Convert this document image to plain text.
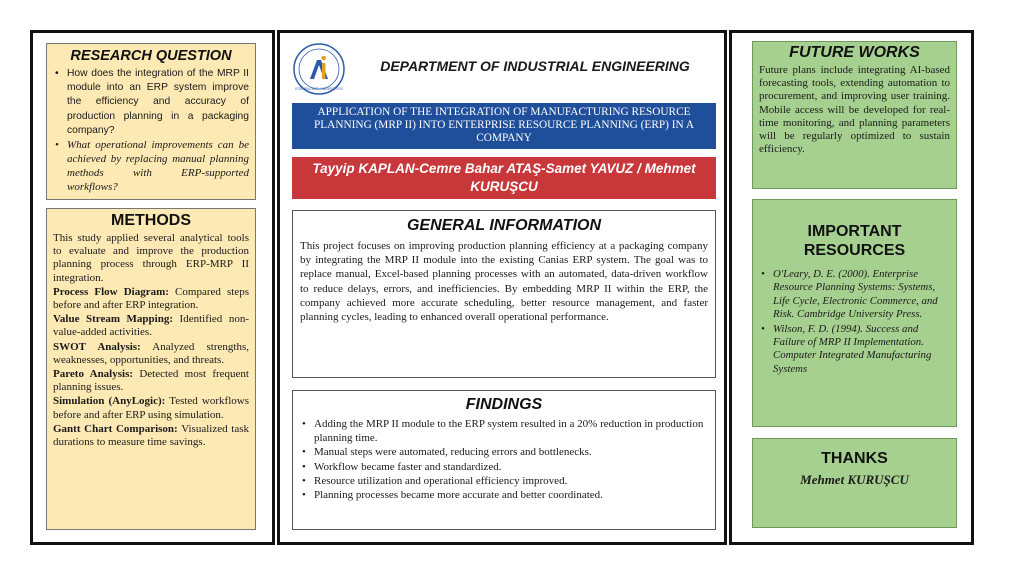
RESEARCH QUESTION
• How does the integration of the MRP II module into an ERP system improve the efficiency and accuracy of production planning in a packaging company?
• What operational improvements can be achieved by replacing manual planning methods with ERP-supported workflows?
METHODS

This study applied several analytical tools to evaluate and improve the production planning process through ERP-MRP II integration.

Process Flow Diagram: Compared steps before and after ERP integration.

Value Stream Mapping: Identified non-value-added activities.

SWOT Analysis: Analyzed strengths, weaknesses, opportunities, and threats.

Pareto Analysis: Detected most frequent planning issues.

Simulation (AnyLogic): Tested workflows before and after ERP using simulation.

Gantt Chart Comparison: Visualized task durations to measure time savings.

İSTANBUL AREL ÜNİVERSİTESİ
DEPARTMENT OF INDUSTRIAL ENGINEERING
APPLICATION OF THE INTEGRATION OF MANUFACTURING RESOURCE PLANNING (MRP II) INTO ENTERPRISE RESOURCE PLANNING (ERP) IN A COMPANY
Tayyip KAPLAN-Cemre Bahar ATAŞ-Samet YAVUZ / Mehmet KURUŞCU
GENERAL INFORMATION

This project focuses on improving production planning efficiency at a packaging company by integrating the MRP II module into the existing Canias ERP system. The goal was to replace manual, Excel-based planning processes with an automated, data-driven workflow to reduce delays, errors, and inefficiencies. By embedding MRP II within the ERP, the company achieved more accurate scheduling, better resource management, and faster planning cycles, leading to enhanced overall operational performance.

FINDINGS
• Adding the MRP II module to the ERP system resulted in a 20% reduction in production planning time.
• Manual steps were automated, reducing errors and bottlenecks.
• Workflow became faster and standardized.
• Resource utilization and operational efficiency improved.
• Planning processes became more accurate and better coordinated.
FUTURE WORKS

Future plans include integrating AI-based forecasting tools, extending automation to procurement, and improving user training. Mobile access will be developed for real-time monitoring, and planning parameters will be regularly optimized to sustain efficiency.

IMPORTANT RESOURCES
• O'Leary, D. E. (2000). Enterprise Resource Planning Systems: Systems, Life Cycle, Electronic Commerce, and Risk. Cambridge University Press.
• Wilson, F. D. (1994). Success and Failure of MRP II Implementation. Computer Integrated Manufacturing Systems
THANKS
Mehmet KURUŞCU
